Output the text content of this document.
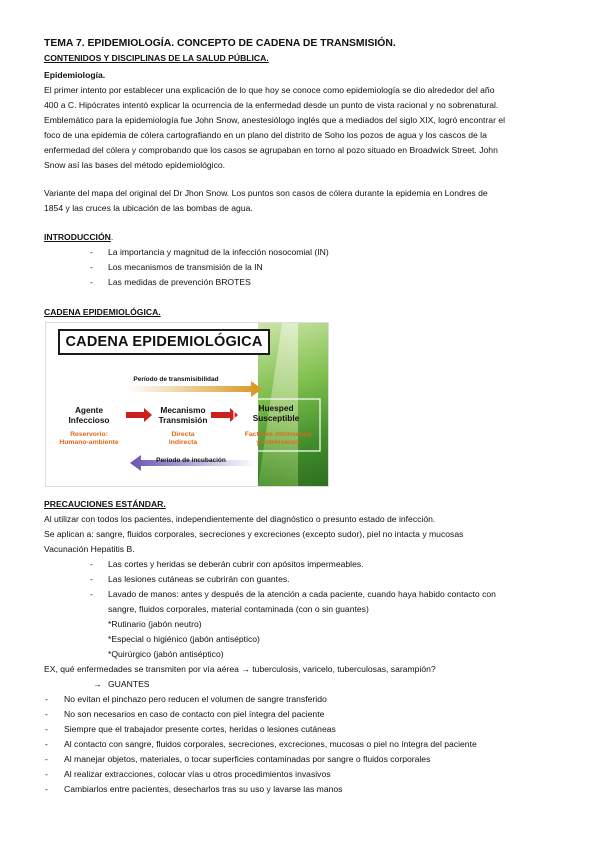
TEMA 7. EPIDEMIOLOGÍA. CONCEPTO DE CADENA DE TRANSMISIÓN.
CONTENIDOS Y DISCIPLINAS DE LA SALUD PÚBLICA.
Epidemiología.
El primer intento por establecer una explicación de lo que hoy se conoce como epidemiología se dio alrededor del año
400 a C. Hipócrates intentó explicar la ocurrencia de la enfermedad desde un punto de vista racional y no sobrenatural.
Emblemático para la epidemiología fue John Snow, anestesiólogo inglés que a mediados del siglo XIX, logró encontrar el
foco de una epidemia de cólera cartografiando en un plano del distrito de Soho los pozos de agua y los cascos de la
enfermedad del cólera y comprobando que los casos se agrupaban en torno al pozo situado en Broadwick Street. John
Snow así las bases del método epidemiológico.
Variante del mapa del original del Dr Jhon Snow. Los puntos son casos de cólera durante la epidemia en Londres de
1854 y las cruces la ubicación de las bombas de agua.
INTRODUCCIÓN.
- La importancia y magnitud de la infección nosocomial (IN)
- Los mecanismos de transmisión de la IN
- Las medidas de prevención BROTES
CADENA EPIDEMIOLÓGICA.
CADENA EPIDEMIOLÓGICA
Período de transmisibilidad
Agente
Infeccioso
Mecanismo
Transmisión
Huesped
Susceptible
Reservorio:
Humano-ambiente
Directa
Indirecta
Factores intrínsecos
y extrínsecos
Período de incubación
PRECAUCIONES ESTÁNDAR.
Al utilizar con todos los pacientes, independientemente del diagnóstico o presunto estado de infección.
Se aplican a: sangre, fluidos corporales, secreciones y excreciones (excepto sudor), piel no intacta y mucosas
Vacunación Hepatitis B.
- Las cortes y heridas se deberán cubrir con apósitos impermeables.
- Las lesiones cutáneas se cubrirán con guantes.
- Lavado de manos: antes y después de la atención a cada paciente, cuando haya habido contacto con
sangre, fluidos corporales, material contaminada (con o sin guantes)
*Rutinario (jabón neutro)
*Especial o higiénico (jabón antiséptico)
*Quirúrgico (jabón antiséptico)
EX, qué enfermedades se transmiten por vía aérea → tuberculosis, varicelo, tuberculosas, sarampión?
→ GUANTES
- No evitan el pinchazo pero reducen el volumen de sangre transferido
- No son necesarios en caso de contacto con piel íntegra del paciente
- Siempre que el trabajador presente cortes, heridas o lesiones cutáneas
- Al contacto con sangre, fluidos corporales, secreciones, excreciones, mucosas o piel no íntegra del paciente
- Al manejar objetos, materiales, o tocar superficies contaminadas por sangre o fluidos corporales
- Al realizar extracciones, colocar vías u otros procedimientos invasivos
- Cambiarlos entre pacientes, desecharlos tras su uso y lavarse las manos
